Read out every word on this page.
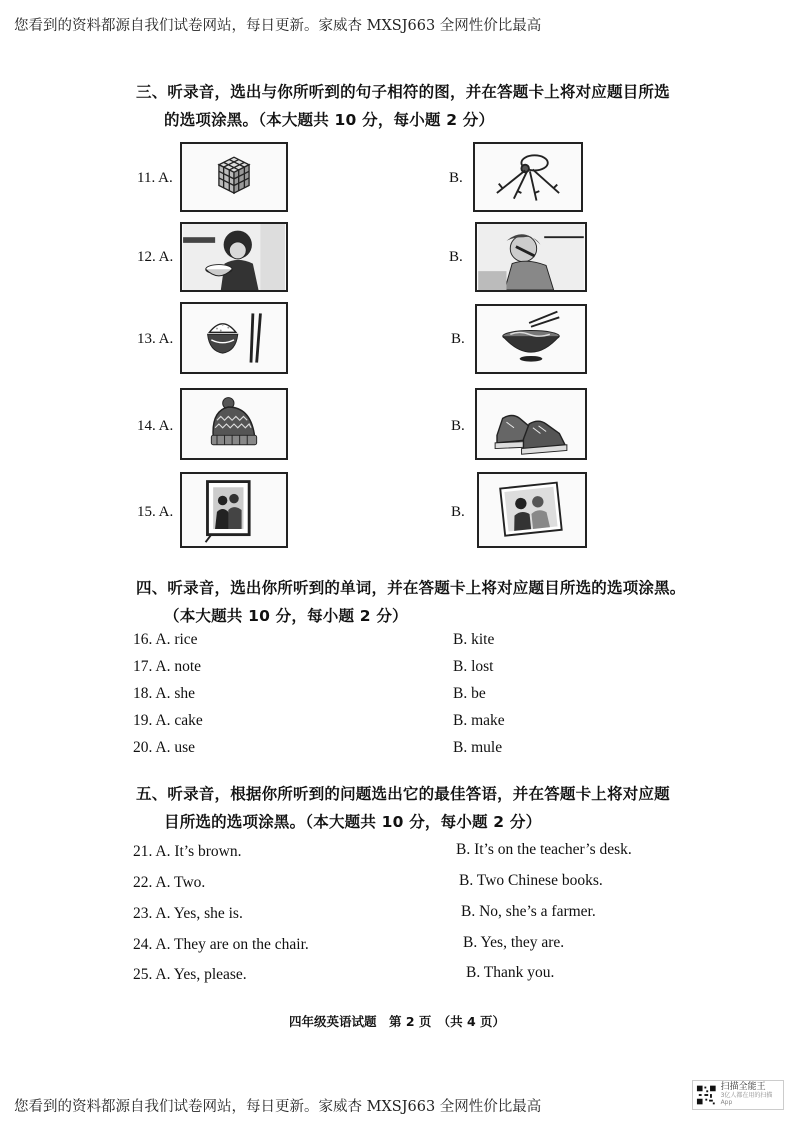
您看到的资料都源自我们试卷网站，每日更新。家威杏 MXSJ663 全网性价比最高
三、听录音，选出与你所听到的句子相符的图，并在答题卡上将对应题目所选
的选项涂黑。（本大题共 10 分，每小题 2 分）
11. A.	B.
12. A.	B.
13. A.	B.
14. A.	B.
15. A.	B.
四、听录音，选出你所听到的单词，并在答题卡上将对应题目所选的选项涂黑。
（本大题共 10 分，每小题 2 分）
16. A. rice	B. kite
17. A. note	B. lost
18. A. she	B. be
19. A. cake	B. make
20. A. use	B. mule
五、听录音，根据你所听到的问题选出它的最佳答语，并在答题卡上将对应题
目所选的选项涂黑。（本大题共 10 分，每小题 2 分）
21. A. It’s brown.	B. It’s on the teacher’s desk.
22. A. Two.	B. Two Chinese books.
23. A. Yes, she is.	B. No, she’s a farmer.
24. A. They are on the chair.	B. Yes, they are.
25. A. Yes, please.	B. Thank you.
四年级英语试题　第 2 页　（共 4 页）
您看到的资料都源自我们试卷网站，每日更新。家威杏 MXSJ663 全网性价比最高
扫描全能王
3亿人都在用的扫描App
